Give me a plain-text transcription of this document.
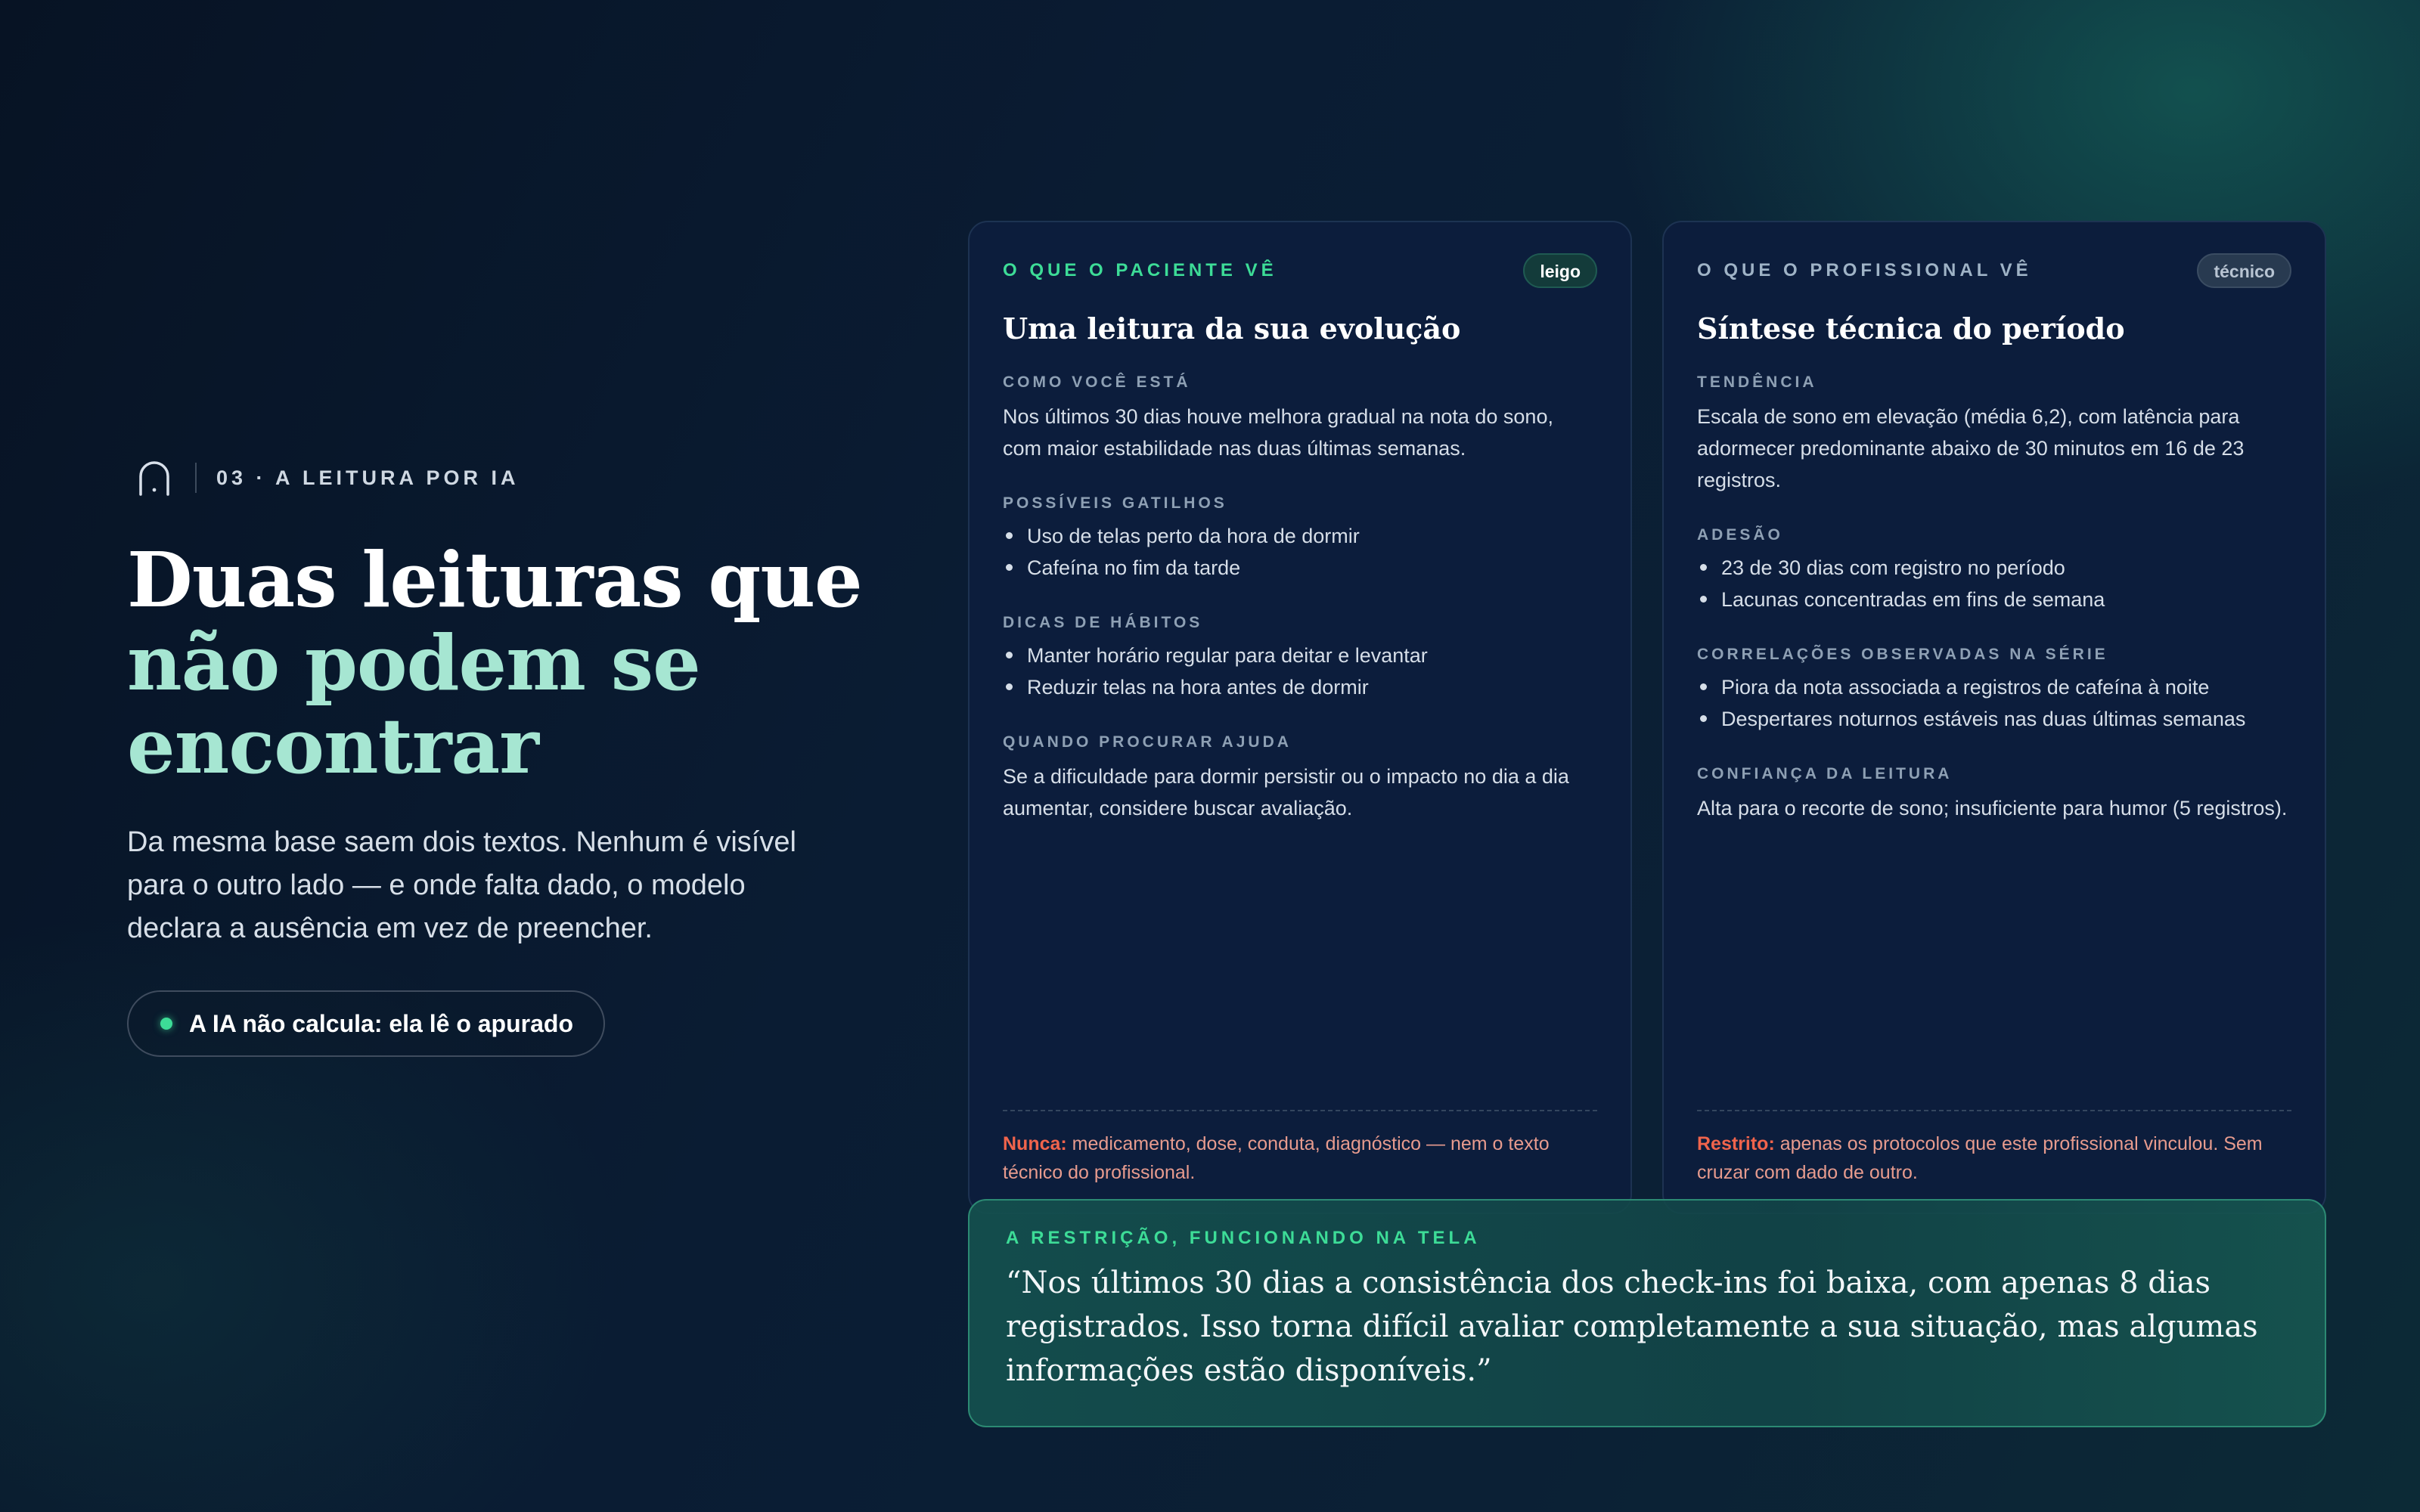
03 · A LEITURA POR IA
Duas leituras que
não podem se
encontrar

Da mesma base saem dois textos. Nenhum é visível para o outro lado — e onde falta dado, o modelo declara a ausência em vez de preencher.

A IA não calcula: ela lê o apurado
O QUE O PACIENTE VÊ	leigo
Uma leitura da sua evolução
COMO VOCÊ ESTÁ

Nos últimos 30 dias houve melhora gradual na nota do sono, com maior estabilidade nas duas últimas semanas.

POSSÍVEIS GATILHOS
Uso de telas perto da hora de dormir
Cafeína no fim da tarde
DICAS DE HÁBITOS
Manter horário regular para deitar e levantar
Reduzir telas na hora antes de dormir
QUANDO PROCURAR AJUDA

Se a dificuldade para dormir persistir ou o impacto no dia a dia aumentar, considere buscar avaliação.

Nunca: medicamento, dose, conduta, diagnóstico — nem o texto técnico do profissional.
O QUE O PROFISSIONAL VÊ	técnico
Síntese técnica do período
TENDÊNCIA

Escala de sono em elevação (média 6,2), com latência para adormecer predominante abaixo de 30 minutos em 16 de 23 registros.

ADESÃO
23 de 30 dias com registro no período
Lacunas concentradas em fins de semana
CORRELAÇÕES OBSERVADAS NA SÉRIE
Piora da nota associada a registros de cafeína à noite
Despertares noturnos estáveis nas duas últimas semanas
CONFIANÇA DA LEITURA

Alta para o recorte de sono; insuficiente para humor (5 registros).

Restrito: apenas os protocolos que este profissional vinculou. Sem cruzar com dado de outro.
A RESTRIÇÃO, FUNCIONANDO NA TELA

“Nos últimos 30 dias a consistência dos check-ins foi baixa, com apenas 8 dias registrados. Isso torna difícil avaliar completamente a sua situação, mas algumas informações estão disponíveis.”
